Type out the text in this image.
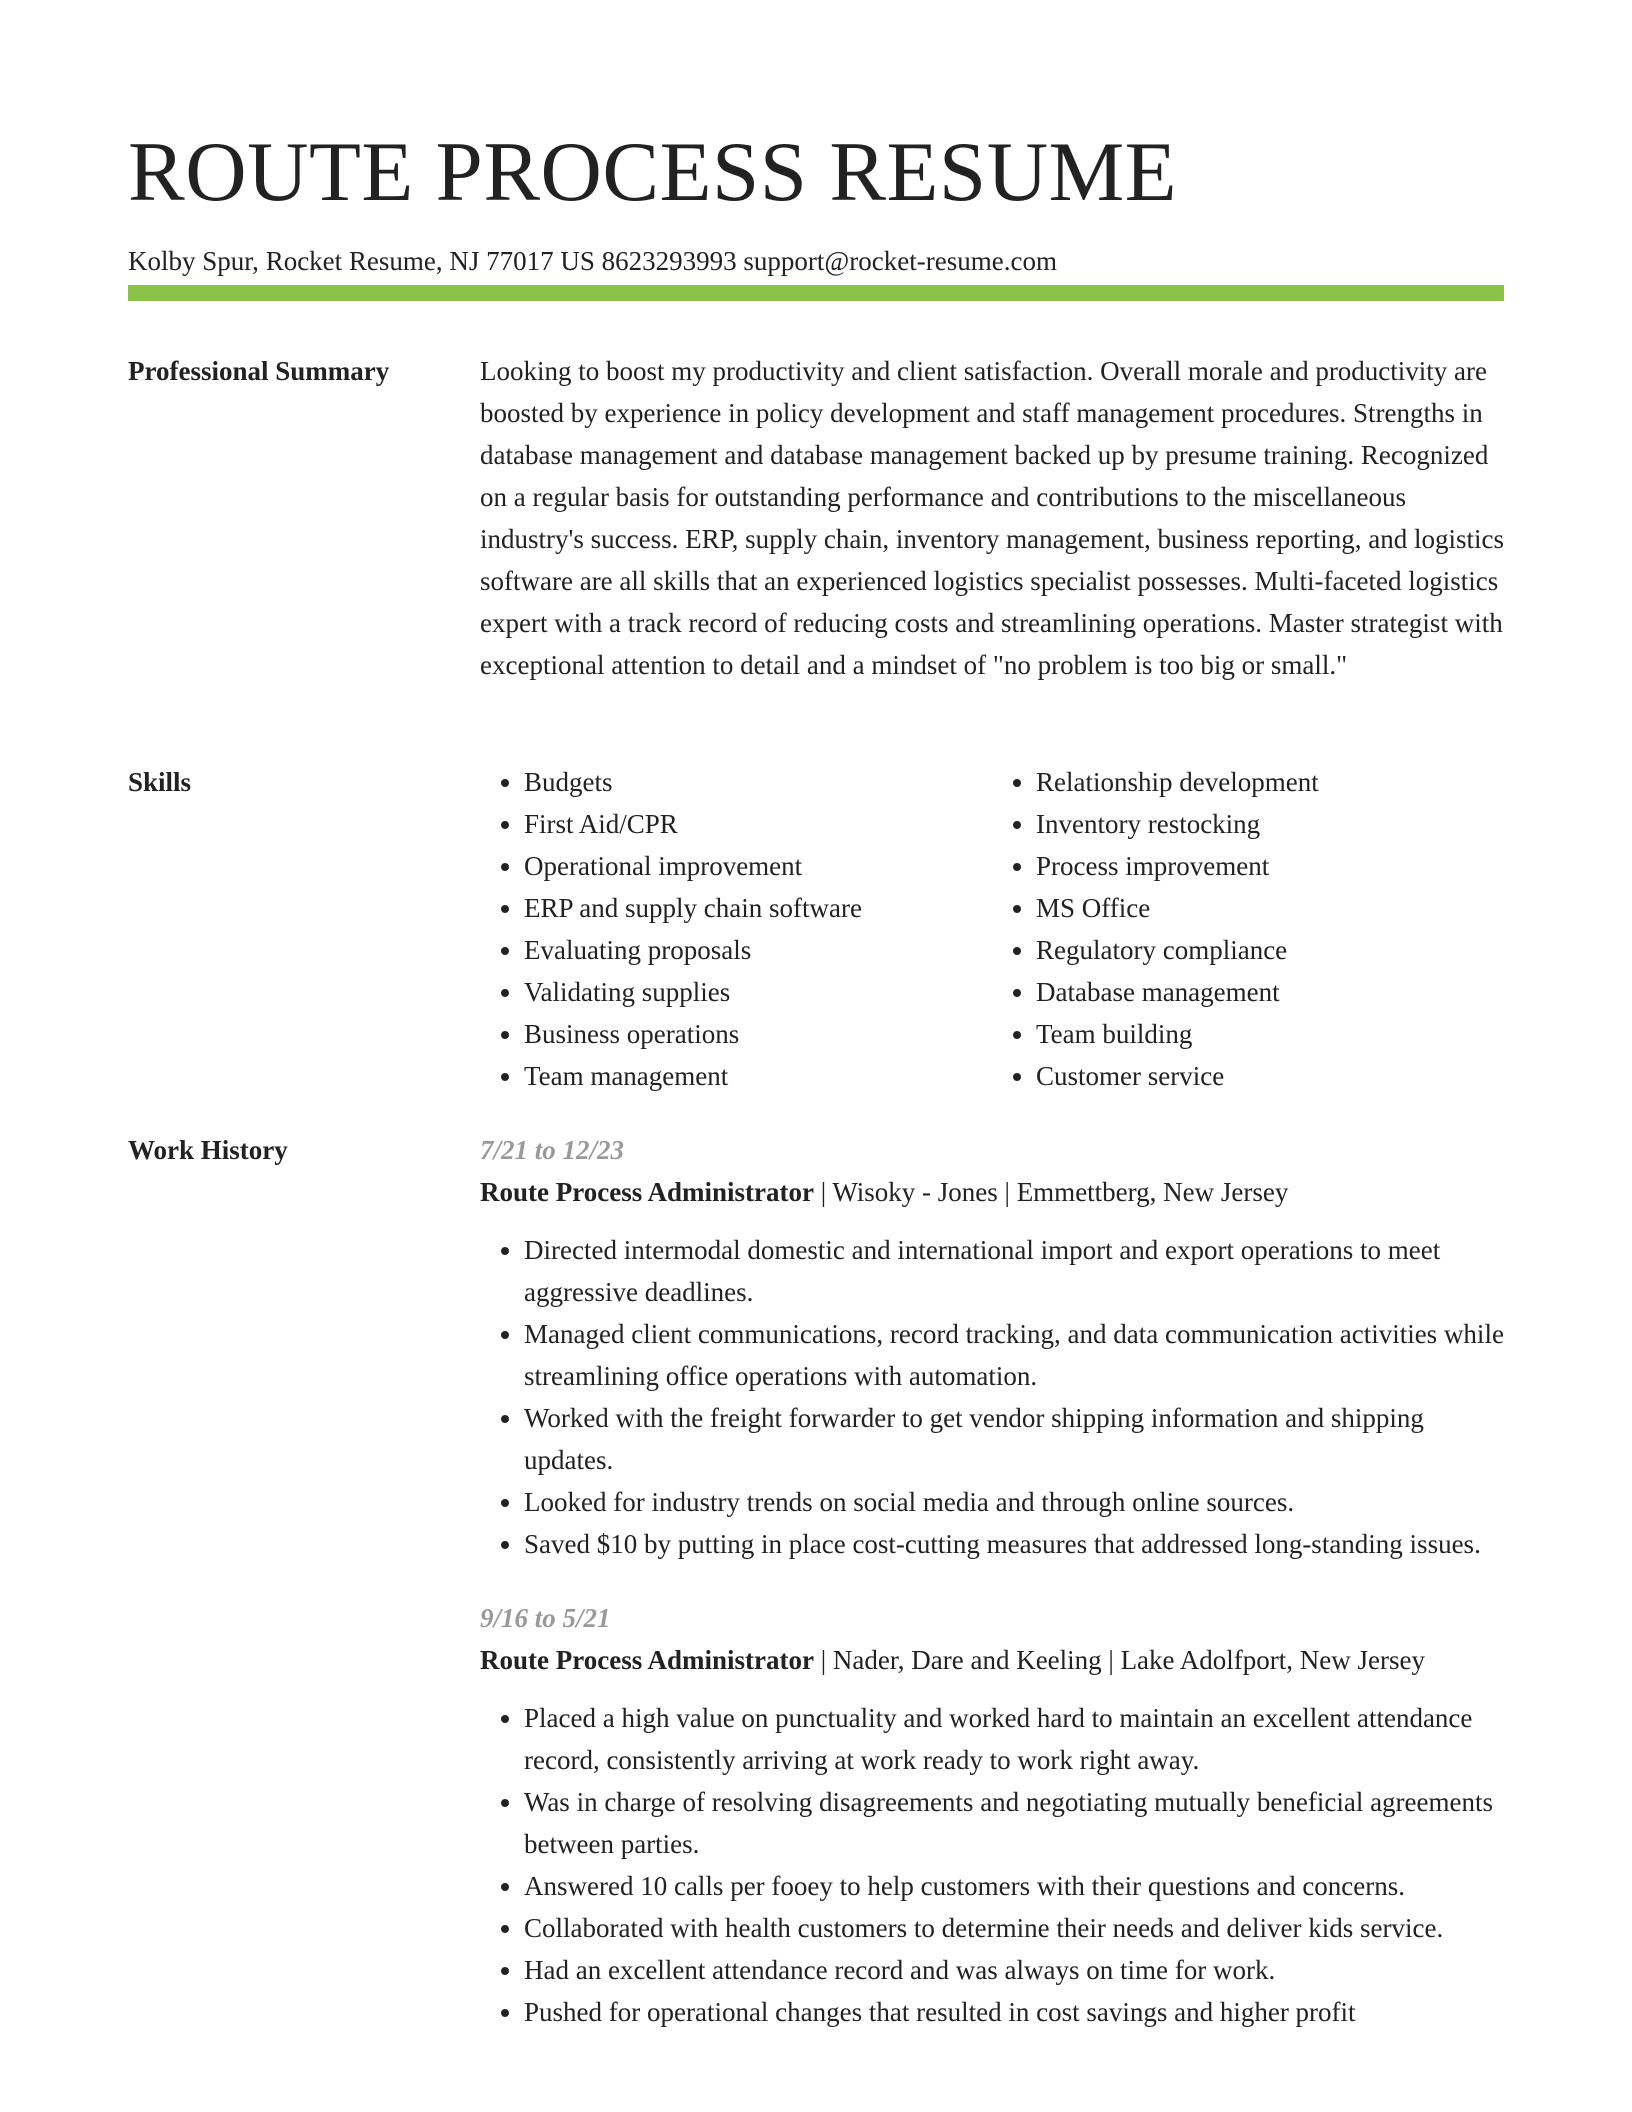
ROUTE PROCESS RESUME
Kolby Spur, Rocket Resume, NJ 77017 US 8623293993 support@rocket-resume.com
Professional Summary	Looking to boost my productivity and client satisfaction. Overall morale and productivity are boosted by experience in policy development and staff management procedures. Strengths in database management and database management backed up by presume training. Recognized on a regular basis for outstanding performance and contributions to the miscellaneous industry's success. ERP, supply chain, inventory management, business reporting, and logistics software are all skills that an experienced logistics specialist possesses. Multi-faceted logistics expert with a track record of reducing costs and streamlining operations. Master strategist with exceptional attention to detail and a mindset of "no problem is too big or small."

Skills
•	Budgets
• First Aid/CPR
• Operational improvement
• ERP and supply chain software
• Evaluating proposals
• Validating supplies
• Business operations
• Team management
• Relationship development
• Inventory restocking
• Process improvement
• MS Office
• Regulatory compliance
• Database management
• Team building
• Customer service
Work History	7/21 to 12/23
Route Process Administrator | Wisoky - Jones | Emmettberg, New Jersey
• Directed intermodal domestic and international import and export operations to meet aggressive deadlines.
• Managed client communications, record tracking, and data communication activities while streamlining office operations with automation.
• Worked with the freight forwarder to get vendor shipping information and shipping updates.
• Looked for industry trends on social media and through online sources.
• Saved $10 by putting in place cost-cutting measures that addressed long-standing issues.
9/16 to 5/21
Route Process Administrator | Nader, Dare and Keeling | Lake Adolfport, New Jersey
• Placed a high value on punctuality and worked hard to maintain an excellent attendance record, consistently arriving at work ready to work right away.
• Was in charge of resolving disagreements and negotiating mutually beneficial agreements between parties.
• Answered 10 calls per fooey to help customers with their questions and concerns.
• Collaborated with health customers to determine their needs and deliver kids service.
• Had an excellent attendance record and was always on time for work.
• Pushed for operational changes that resulted in cost savings and higher profit
